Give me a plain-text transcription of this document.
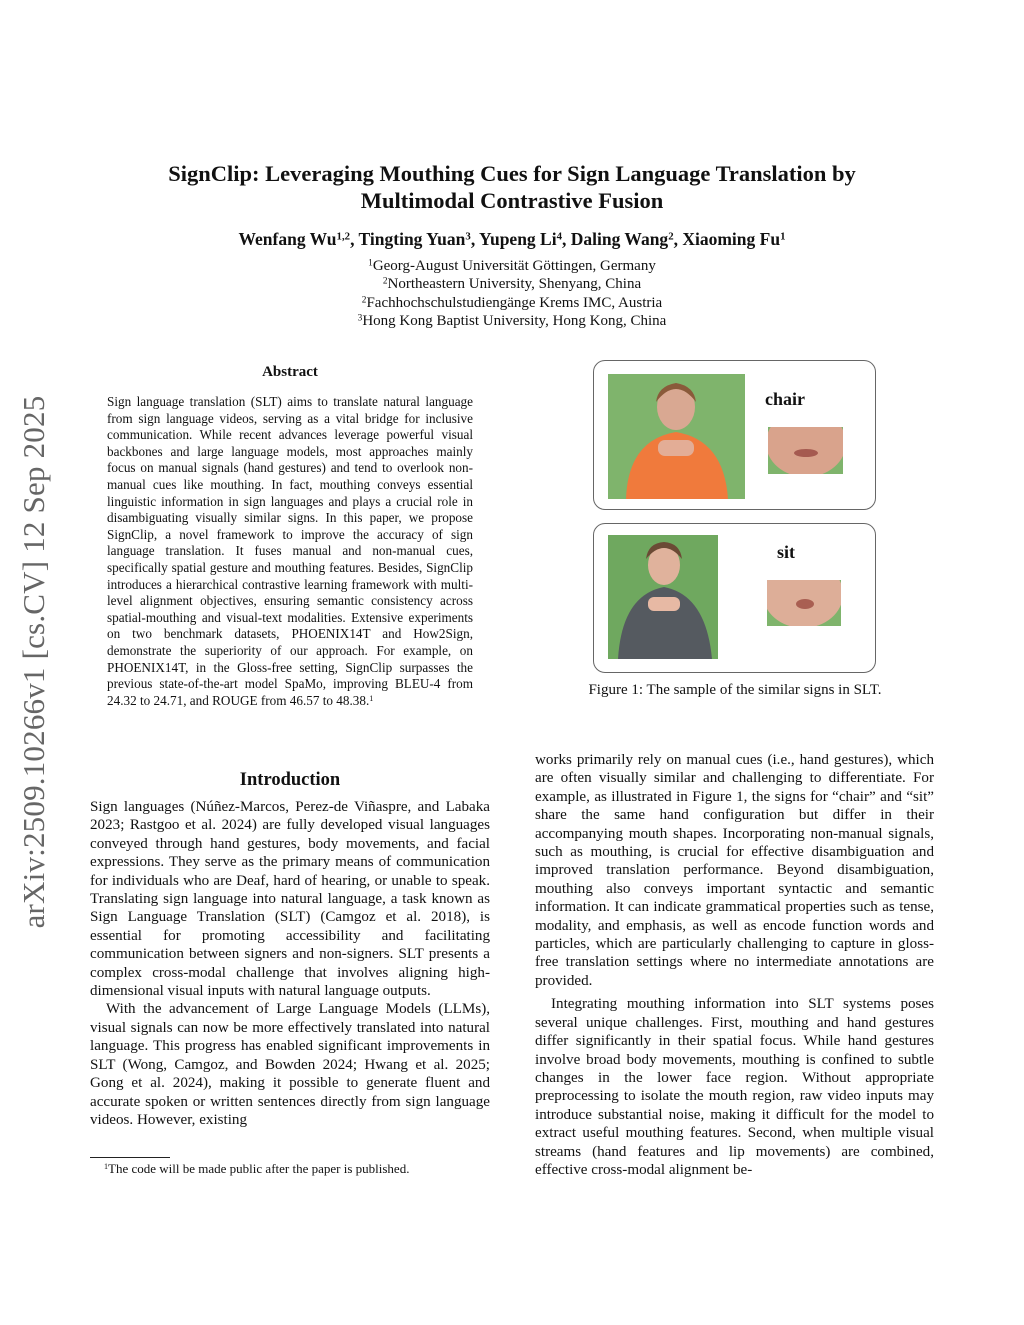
SignClip: Leveraging Mouthing Cues for Sign Language Translation by
Multimodal Contrastive Fusion
Wenfang Wu$^{1,2}$, Tingting Yuan$^3$, Yupeng Li$^4$, Daling Wang$^2$, Xiaoming Fu$^1$
$^1$Georg-August Universität Göttingen, Germany
$^2$Northeastern University, Shenyang, China
$^2$Fachhochschulstudiengänge Krems IMC, Austria
$^3$Hong Kong Baptist University, Hong Kong, China
arXiv:2509.10266v1 [cs.CV] 12 Sep 2025
Abstract

Sign language translation (SLT) aims to translate natural language from sign language videos, serving as a vital bridge for inclusive communication. While recent advances leverage powerful visual backbones and large language models, most approaches mainly focus on manual signals (hand gestures) and tend to overlook non-manual cues like mouthing. In fact, mouthing conveys essential linguistic information in sign languages and plays a crucial role in disambiguating visually similar signs. In this paper, we propose SignClip, a novel framework to improve the accuracy of sign language translation. It fuses manual and non-manual cues, specifically spatial gesture and mouthing features. Besides, SignClip introduces a hierarchical contrastive learning framework with multi-level alignment objectives, ensuring semantic consistency across spatial-mouthing and visual-text modalities. Extensive experiments on two benchmark datasets, PHOENIX14T and How2Sign, demonstrate the superiority of our approach. For example, on PHOENIX14T, in the Gloss-free setting, SignClip surpasses the previous state-of-the-art model SpaMo, improving BLEU-4 from 24.32 to 24.71, and ROUGE from 46.57 to 48.38.$^1$

Introduction

Sign languages (Núñez-Marcos, Perez-de Viñaspre, and Labaka 2023; Rastgoo et al. 2024) are fully developed visual languages conveyed through hand gestures, body movements, and facial expressions. They serve as the primary means of communication for individuals who are Deaf, hard of hearing, or unable to speak. Translating sign language into natural language, a task known as Sign Language Translation (SLT) (Camgoz et al. 2018), is essential for promoting accessibility and facilitating communication between signers and non-signers. SLT presents a complex cross-modal challenge that involves aligning high-dimensional visual inputs with natural language outputs.

With the advancement of Large Language Models (LLMs), visual signals can now be more effectively translated into natural language. This progress has enabled significant improvements in SLT (Wong, Camgoz, and Bowden 2024; Hwang et al. 2025; Gong et al. 2024), making it possible to generate fluent and accurate spoken or written sentences directly from sign language videos. However, existing

$^1$The code will be made public after the paper is published.
chair
sit
Figure 1: The sample of the similar signs in SLT.

works primarily rely on manual cues (i.e., hand gestures), which are often visually similar and challenging to differentiate. For example, as illustrated in Figure 1, the signs for “chair” and “sit” share the same hand configuration but differ in their accompanying mouth shapes. Incorporating non-manual signals, such as mouthing, is crucial for effective disambiguation and improved translation performance. Beyond disambiguation, mouthing also conveys important syntactic and semantic information. It can indicate grammatical properties such as tense, modality, and emphasis, as well as encode function words and particles, which are particularly challenging to capture in gloss-free translation settings where no intermediate annotations are provided.

Integrating mouthing information into SLT systems poses several unique challenges. First, mouthing and hand gestures differ significantly in their spatial focus. While hand gestures involve broad body movements, mouthing is confined to subtle changes in the lower face region. Without appropriate preprocessing to isolate the mouth region, raw video inputs may introduce substantial noise, making it difficult for the model to extract useful mouthing features. Second, when multiple visual streams (hand features and lip movements) are combined, effective cross-modal alignment be-
